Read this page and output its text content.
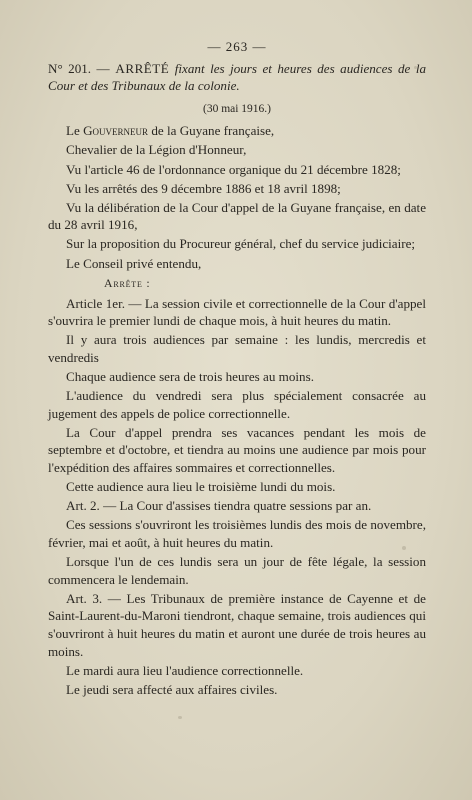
— 263 —

N° 201. — ARRÊTÉ fixant les jours et heures des audiences de la Cour et des Tribunaux de la colonie.

(30 mai 1916.)

Le Gouverneur de la Guyane française,

Chevalier de la Légion d'Honneur,

Vu l'article 46 de l'ordonnance organique du 21 décembre 1828;

Vu les arrêtés des 9 décembre 1886 et 18 avril 1898;

Vu la délibération de la Cour d'appel de la Guyane française, en date du 28 avril 1916,

Sur la proposition du Procureur général, chef du service judiciaire;

Le Conseil privé entendu,

Arrête :

Article 1er. — La session civile et correctionnelle de la Cour d'appel s'ouvrira le premier lundi de chaque mois, à huit heures du matin.

Il y aura trois audiences par semaine : les lundis, mercredis et vendredis

Chaque audience sera de trois heures au moins.

L'audience du vendredi sera plus spécialement consacrée au jugement des appels de police correctionnelle.

La Cour d'appel prendra ses vacances pendant les mois de septembre et d'octobre, et tiendra au moins une audience par mois pour l'expédition des affaires sommaires et correctionnelles.

Cette audience aura lieu le troisième lundi du mois.

Art. 2. — La Cour d'assises tiendra quatre sessions par an.

Ces sessions s'ouvriront les troisièmes lundis des mois de novembre, février, mai et août, à huit heures du matin.

Lorsque l'un de ces lundis sera un jour de fête légale, la session commencera le lendemain.

Art. 3. — Les Tribunaux de première instance de Cayenne et de Saint-Laurent-du-Maroni tiendront, chaque semaine, trois audiences qui s'ouvriront à huit heures du matin et auront une durée de trois heures au moins.

Le mardi aura lieu l'audience correctionnelle.

Le jeudi sera affecté aux affaires civiles.
